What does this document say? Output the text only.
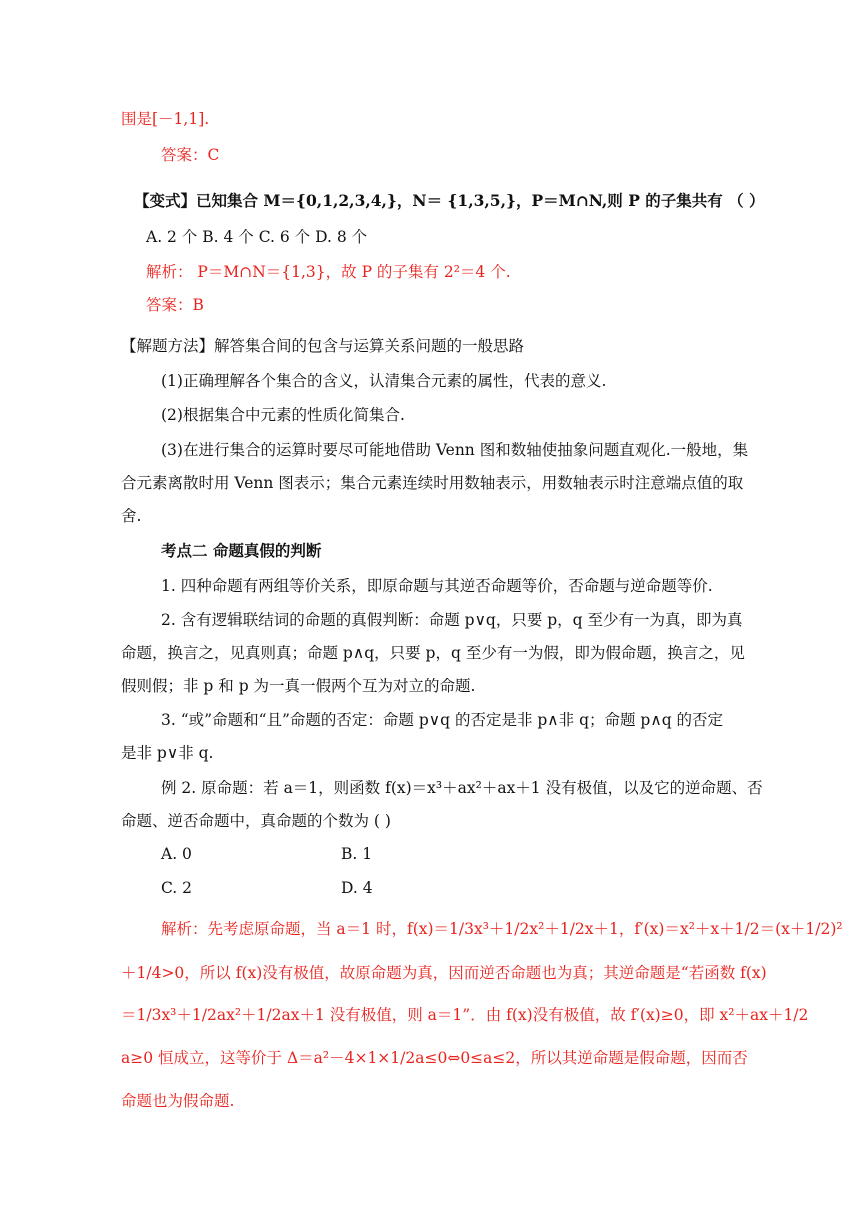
围是[－1,1].
答案：C
【变式】已知集合 M＝{0,1,2,3,4,}，N＝ {1,3,5,}，P＝M∩N,则 P 的子集共有 （ ）
A. 2 个 B. 4 个 C. 6 个 D. 8 个
解析： P＝M∩N＝{1,3}，故 P 的子集有 2²＝4 个.
答案：B
【解题方法】解答集合间的包含与运算关系问题的一般思路
(1)正确理解各个集合的含义，认清集合元素的属性，代表的意义.
(2)根据集合中元素的性质化简集合.
(3)在进行集合的运算时要尽可能地借助 Venn 图和数轴使抽象问题直观化.一般地，集
合元素离散时用 Venn 图表示；集合元素连续时用数轴表示，用数轴表示时注意端点值的取
舍.
考点二 命题真假的判断
1. 四种命题有两组等价关系，即原命题与其逆否命题等价，否命题与逆命题等价.
2. 含有逻辑联结词的命题的真假判断：命题 p∨q，只要 p，q 至少有一为真，即为真
命题，换言之，见真则真；命题 p∧q，只要 p，q 至少有一为假，即为假命题，换言之，见
假则假；非 p 和 p 为一真一假两个互为对立的命题.
3. “或”命题和“且”命题的否定：命题 p∨q 的否定是非 p∧非 q；命题 p∧q 的否定
是非 p∨非 q.
例 2. 原命题：若 a＝1，则函数 f(x)＝x³＋ax²＋ax＋1 没有极值，以及它的逆命题、否
命题、逆否命题中，真命题的个数为 ( )
A. 0	B. 1
C. 2	D. 4
解析：先考虑原命题，当 a＝1 时，f(x)＝1/3x³＋1/2x²＋1/2x＋1，f′(x)＝x²＋x＋1/2＝(x＋1/2)²
＋1/4>0，所以 f(x)没有极值，故原命题为真，因而逆否命题也为真；其逆命题是“若函数 f(x)
＝1/3x³＋1/2ax²＋1/2ax＋1 没有极值，则 a＝1”．由 f(x)没有极值，故 f′(x)≥0，即 x²＋ax＋1/2
a≥0 恒成立，这等价于 Δ＝a²－4×1×1/2a≤0⇔0≤a≤2，所以其逆命题是假命题，因而否
命题也为假命题.
